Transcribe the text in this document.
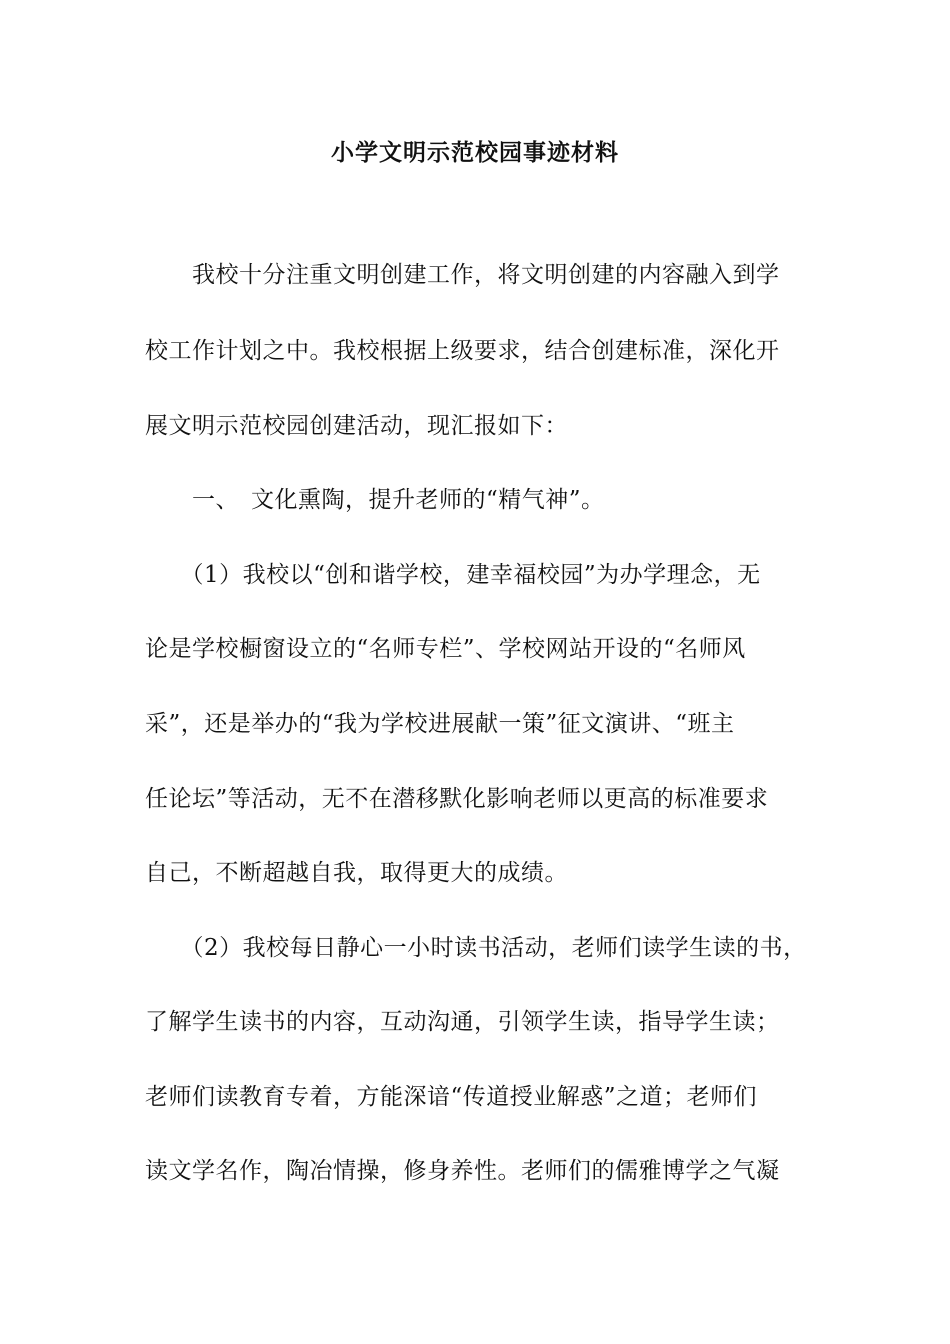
小学文明示范校园事迹材料
　　我校十分注重文明创建工作，将文明创建的内容融入到学
校工作计划之中。我校根据上级要求，结合创建标准，深化开
展文明示范校园创建活动，现汇报如下：
　　一、　文化熏陶，提升老师的“精气神”。
　　（1）我校以“创和谐学校，建幸福校园”为办学理念，无
论是学校橱窗设立的“名师专栏”、学校网站开设的“名师风
采”，还是举办的“我为学校进展献一策”征文演讲、“班主
任论坛”等活动，无不在潜移默化影响老师以更高的标准要求
自己，不断超越自我，取得更大的成绩。
　　（2）我校每日静心一小时读书活动，老师们读学生读的书，
了解学生读书的内容，互动沟通，引领学生读，指导学生读；
老师们读教育专着，方能深谙“传道授业解惑”之道；老师们
读文学名作，陶冶情操，修身养性。老师们的儒雅博学之气凝
